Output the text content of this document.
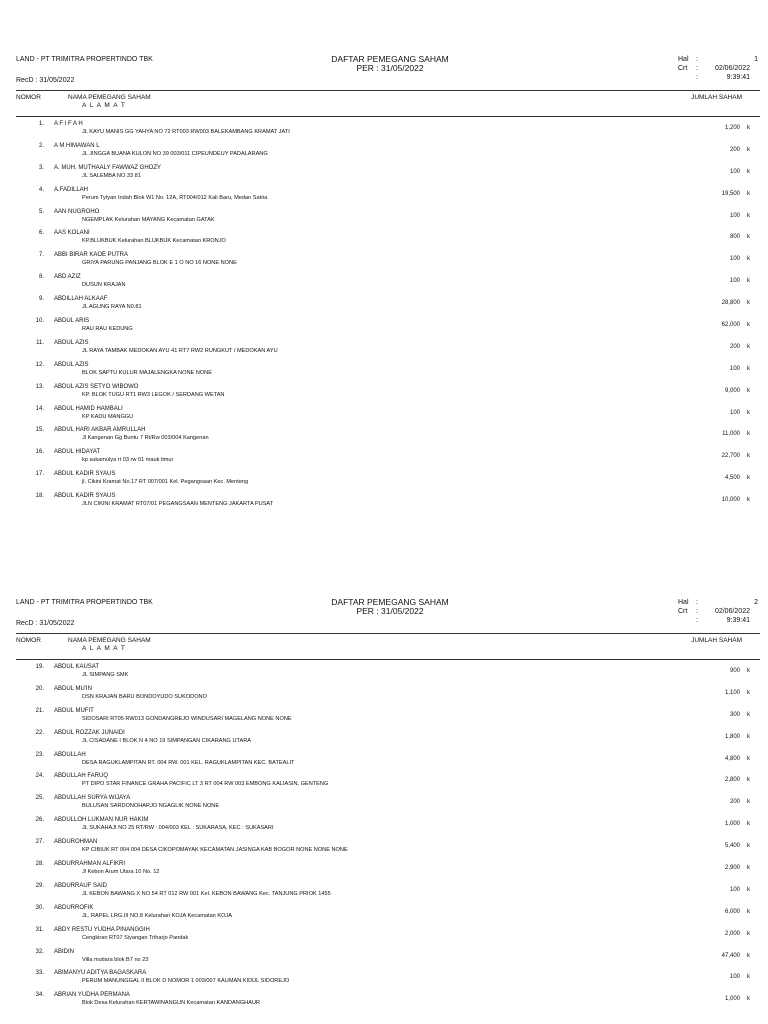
LAND - PT TRIMITRA PROPERTINDO TBK
RecD : 31/05/2022
DAFTAR PEMEGANG SAHAM
PER : 31/05/2022
Hal :	1
Crt : 02/06/2022
:	9:39:41
NOMOR	NAMA PEMEGANG SAHAM
A L A M A T
JUMLAH SAHAM
1. A F I F A H
JL KAYU MANIS GG YAHYA NO 72 RT003 RW003 BALEKAMBANG KRAMAT JATI
1,200 k
2. A M HIMAWAN L
JL JINGGA BUANA KULON NO 39 003/011 CIPEUNDEUY PADALARANG
200 k
3. A. MUH. MUTHAALY FAWWAZ GHOZY
JL SALEMBA NO 33 81
100 k
4. A.FADILLAH
Perum Tytyan Indah Blok W1 No. 12A, RT004/012 Kali Baru, Medan Satria
19,500 k
5. AAN NUGROHO
NGEMPLAK Kelurahan MAYANG Kecamatan GATAK
100 k
6. AAS KOLANI
KP.BLUKBUK Kelurahan BLUKBUK Kecamatan KRONJO
800 k
7. ABBI BIRAR KAOE PUTRA
GRIYA PARUNG PANJANG BLOK E 1 O NO 16 NONE NONE
100 k
8. ABD AZIZ
DUSUN KRAJAN
100 k
9. ABDILLAH ALKAAF
JL AGUNG RAYA N0.81
28,800 k
10. ABDUL ARIS
RAU RAU KEDUNG
62,000 k
11. ABDUL AZIS
JL RAYA TAMBAK MEDOKAN AYU 41 RT7 RW2 RUNGKUT / MEDOKAN AYU
200 k
12. ABDUL AZIS
BLOK SAPTU KULUR MAJALENGKA NONE NONE
100 k
13. ABDUL AZIS SETYO WIBOWO
KP. BLOK TUGU RT1 RW3 LEGOK / SERDANG WETAN
9,000 k
14. ABDUL HAMID HAMBALI
KP KADU MANGGU
100 k
15. ABDUL HARI AKBAR AMRULLAH
Jl Kangenan Gg Buntu 7 Rt/Rw 003/004 Kangenan
11,000 k
16. ABDUL HIDAYAT
kp sukamulya rt 03 rw 01 mauk timur
22,700 k
17. ABDUL KADIR SYAUS
jl. Cikini Kramat No.17 RT 007/001 Kel. Pegangsaan Kec. Menteng
4,500 k
18. ABDUL KADIR SYAUS
JLN CIKINI KRAMAT RT07/01 PEGANGSAAN MENTENG JAKARTA PUSAT
10,000 k
LAND - PT TRIMITRA PROPERTINDO TBK
RecD : 31/05/2022
DAFTAR PEMEGANG SAHAM
PER : 31/05/2022
Hal :	2
Crt : 02/06/2022
:	9:39:41
NOMOR	NAMA PEMEGANG SAHAM
A L A M A T
JUMLAH SAHAM
19. ABDUL KAUSAT
JL SIMPANG SMK
900 k
20. ABDUL MU'IN
DSN KRAJAN BARU BONDOYUDO SUKODONO
1,100 k
21. ABDUL MUFIT
SIDOSARI RT05 RW013 GONDANGREJO WINDUSARI MAGELANG NONE NONE
300 k
22. ABDUL ROZZAK JUNAIDI
JL CISADANE I BLOK N 4 NO 19 SIMPANGAN CIKARANG UTARA
1,800 k
23. ABDULLAH
DESA RAGUKLAMPITAN RT. 004 RW. 001 KEL. RAGUKLAMPITAN KEC. BATEALIT
4,800 k
24. ABDULLAH FARUQ
PT DIPO STAR FINANCE GRAHA PACIFIC LT 3 RT 004 RW 003 EMBONG KALIASIN, GENTENG
2,800 k
25. ABDULLAH SURYA WIJAYA
BULUSAN SARDONOHARJO NGAGLIK NONE NONE
200 k
26. ABDULLOH LUKMAN NUR HAKIM
JL SUKAHAJI NO 25 RT/RW : 004/003 KEL : SUKARASA, KEC : SUKASARI
1,000 k
27. ABDUROHMAN
KP CIBIUK RT 004 004 DESA CIKOPOMAYAK KECAMATAN JASINGA KAB BOGOR NONE NONE NONE
5,400 k
28. ABDURRAHMAN ALFIKRI
Jl Kebon Arum Utara 10 No. 12
2,900 k
29. ABDURRAUF SAID
JL KEBON BAWANG X NO.54 RT 012 RW 001 Kel. KEBON BAWANG Kec. TANJUNG PRIOK 1455
100 k
30. ABDURROFIK
JL. RAPEL LRG.III NO.8 Kelurahan KOJA Kecamatan KOJA
6,000 k
31. ABDY RESTU YUDHA PINANGGIH
Cengkiran RT07 Siyangan Triharjo Pandak
2,000 k
32. ABIDIN
Villa mutiara blok B7 no 23
47,400 k
33. ABIMANYU ADITYA BAGASKARA
PERUM MANUNGGAL II BLOK D NOMOR 1 003/007 KAUMAN KIDUL SIDOREJO
100 k
34. ABRIAN YUDHA PERMANA
Blok Desa Kelurahan KERTAWINANGUN Kecamatan KANDANGHAUR
1,000 k
